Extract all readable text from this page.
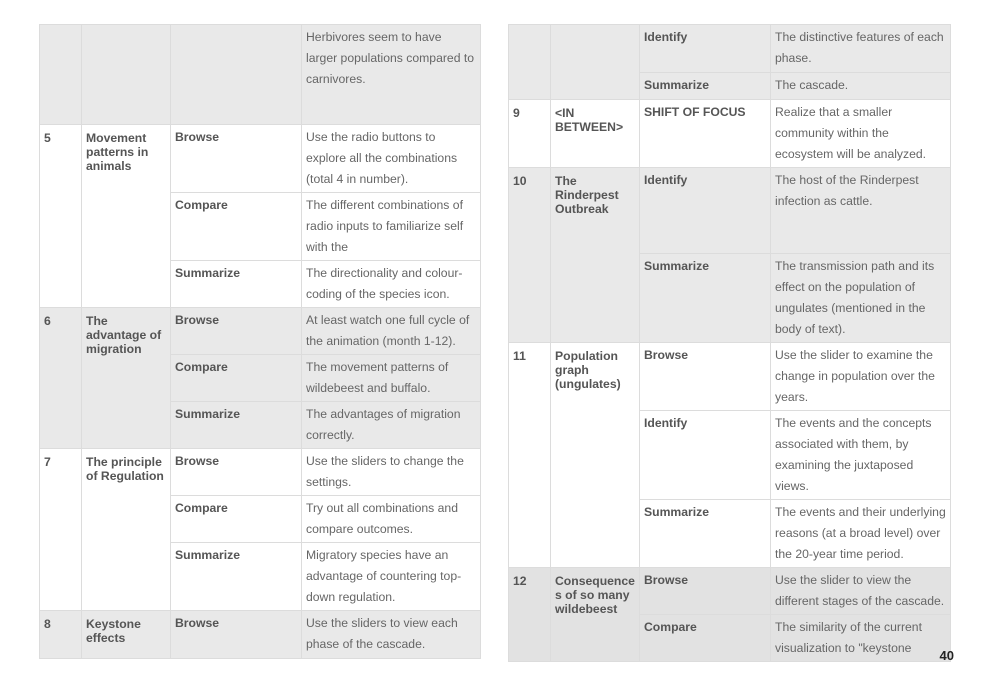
			Herbivores seem to have larger populations compared to carnivores.
5	Movement patterns in animals	Browse	Use the radio buttons to explore all the combinations (total 4 in number).
		Compare	The different combinations of radio inputs to familiarize self with the
		Summarize	The directionality and colour-coding of the species icon.
6	The advantage of migration	Browse	At least watch one full cycle of the animation (month 1-12).
		Compare	The movement patterns of wildebeest and buffalo.
		Summarize	The advantages of migration correctly.
7	The principle of Regulation	Browse	Use the sliders to change the settings.
		Compare	Try out all combinations and compare outcomes.
		Summarize	Migratory species have an advantage of countering top-down regulation.
8	Keystone effects	Browse	Use the sliders to view each phase of the cascade.
		Identify	The distinctive features of each phase.
		Summarize	The cascade.
9	<IN BETWEEN>	SHIFT OF FOCUS	Realize that a smaller community within the ecosystem will be analyzed.
10	The Rinderpest Outbreak	Identify	The host of the Rinderpest infection as cattle.
		Summarize	The transmission path and its effect on the population of ungulates (mentioned in the body of text).
11	Population graph (ungulates)	Browse	Use the slider to examine the change in population over the years.
		Identify	The events and the concepts associated with them, by examining the juxtaposed views.
		Summarize	The events and their underlying reasons (at a broad level) over the 20-year time period.
12	Consequences of so many wildebeest	Browse	Use the slider to view the different stages of the cascade.
		Compare	The similarity of the current visualization to "keystone 40
